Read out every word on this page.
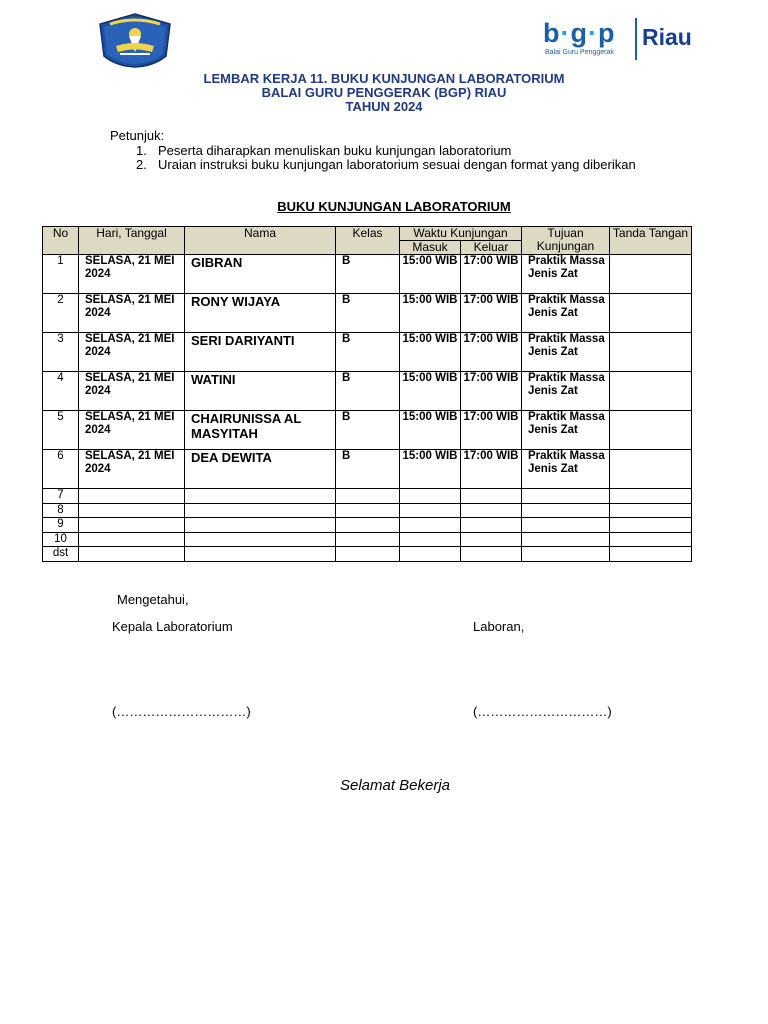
b·g·p
Balai Guru Penggerak
Riau
LEMBAR KERJA 11. BUKU KUNJUNGAN LABORATORIUM
BALAI GURU PENGGERAK (BGP) RIAU
TAHUN 2024
Petunjuk:
1. Peserta diharapkan menuliskan buku kunjungan laboratorium
2. Uraian instruksi buku kunjungan laboratorium sesuai dengan format yang diberikan
BUKU KUNJUNGAN LABORATORIUM
No	Hari, Tanggal	Nama	Kelas	Waktu Kunjungan		Tujuan Kunjungan	Tanda Tangan
				Masuk	Keluar		
1	SELASA, 21 MEI 2024	GIBRAN	B	15:00 WIB	17:00 WIB	Praktik Massa Jenis Zat	
2	SELASA, 21 MEI 2024	RONY WIJAYA	B	15:00 WIB	17:00 WIB	Praktik Massa Jenis Zat	
3	SELASA, 21 MEI 2024	SERI DARIYANTI	B	15:00 WIB	17:00 WIB	Praktik Massa Jenis Zat	
4	SELASA, 21 MEI 2024	WATINI	B	15:00 WIB	17:00 WIB	Praktik Massa Jenis Zat	
5	SELASA, 21 MEI 2024	CHAIRUNISSA AL MASYITAH	B	15:00 WIB	17:00 WIB	Praktik Massa Jenis Zat	
6	SELASA, 21 MEI 2024	DEA DEWITA	B	15:00 WIB	17:00 WIB	Praktik Massa Jenis Zat	
7							
8							
9							
10							
dst							
Mengetahui,
Kepala Laboratorium	Laboran,
(…………………………)	(…………………………)
Selamat Bekerja
